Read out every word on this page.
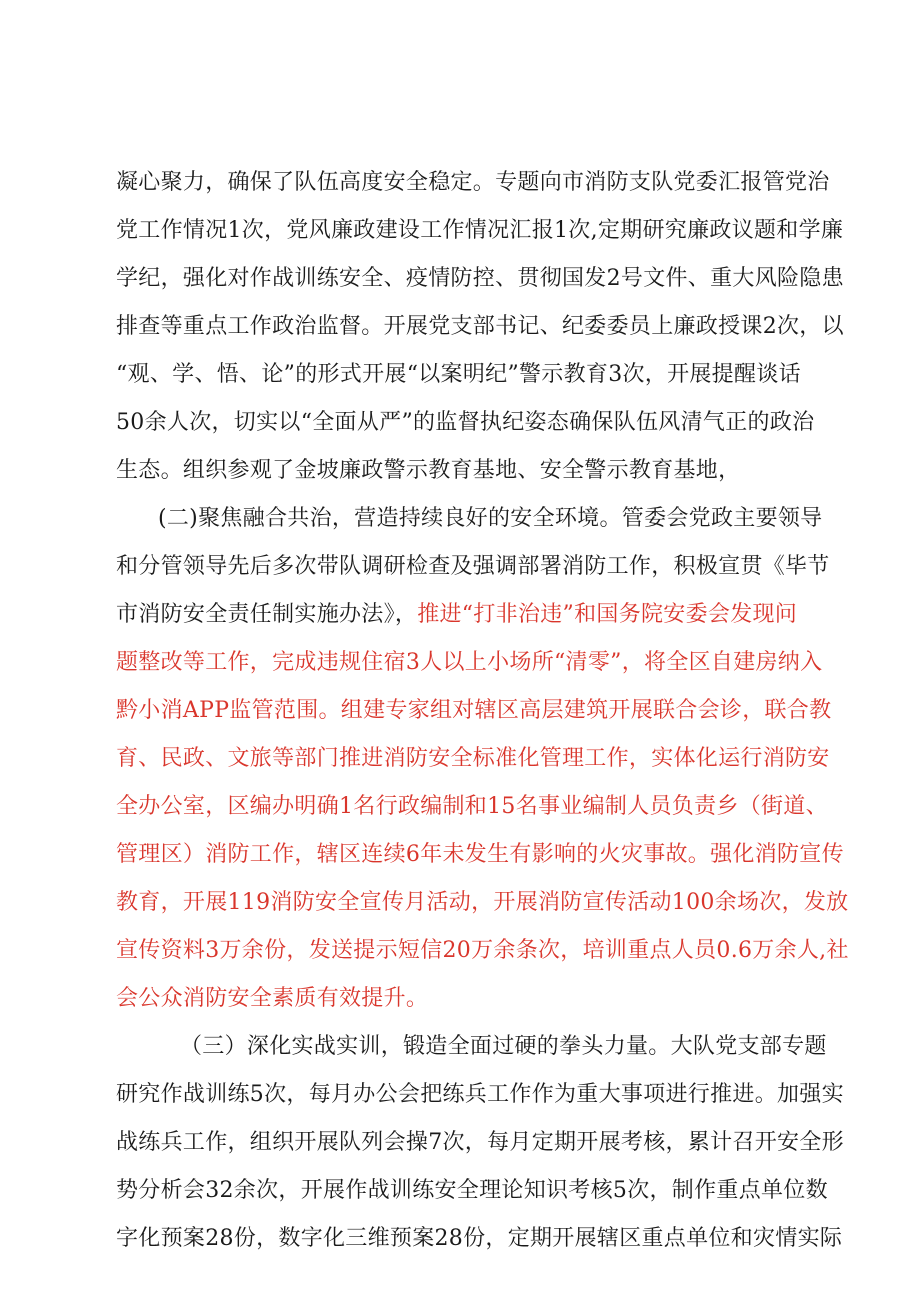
凝心聚力，确保了队伍高度安全稳定。专题向市消防支队党委汇报管党治
党工作情况1次，党风廉政建设工作情况汇报1次,定期研究廉政议题和学廉
学纪，强化对作战训练安全、疫情防控、贯彻国发2号文件、重大风险隐患
排查等重点工作政治监督。开展党支部书记、纪委委员上廉政授课2次，以
“观、学、悟、论”的形式开展“以案明纪”警示教育3次，开展提醒谈话
50余人次，切实以“全面从严”的监督执纪姿态确保队伍风清气正的政治
生态。组织参观了金坡廉政警示教育基地、安全警示教育基地，
(二)聚焦融合共治，营造持续良好的安全环境。管委会党政主要领导
和分管领导先后多次带队调研检查及强调部署消防工作，积极宣贯《毕节
市消防安全责任制实施办法》，推进“打非治违”和国务院安委会发现问
题整改等工作，完成违规住宿3人以上小场所“清零”，将全区自建房纳入
黔小消APP监管范围。组建专家组对辖区高层建筑开展联合会诊，联合教
育、民政、文旅等部门推进消防安全标准化管理工作，实体化运行消防安
全办公室，区编办明确1名行政编制和15名事业编制人员负责乡（街道、
管理区）消防工作，辖区连续6年未发生有影响的火灾事故。强化消防宣传
教育，开展119消防安全宣传月活动，开展消防宣传活动100余场次，发放
宣传资料3万余份，发送提示短信20万余条次，培训重点人员0.6万余人,社
会公众消防安全素质有效提升。
（三）深化实战实训，锻造全面过硬的拳头力量。大队党支部专题
研究作战训练5次，每月办公会把练兵工作作为重大事项进行推进。加强实
战练兵工作，组织开展队列会操7次，每月定期开展考核，累计召开安全形
势分析会32余次，开展作战训练安全理论知识考核5次，制作重点单位数
字化预案28份，数字化三维预案28份，定期开展辖区重点单位和灾情实际
